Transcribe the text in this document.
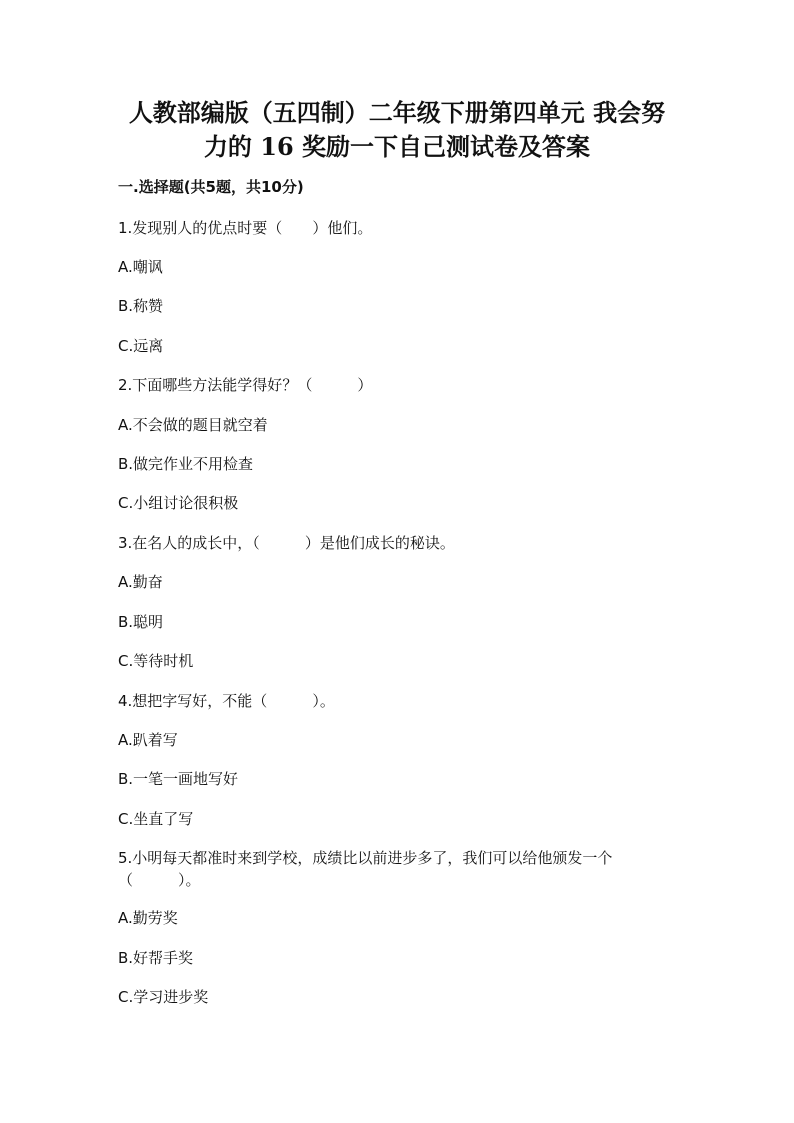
人教部编版（五四制）二年级下册第四单元 我会努
力的 16 奖励一下自己测试卷及答案
一.选择题(共5题，共10分)
1.发现别人的优点时要（　　）他们。
A.嘲讽
B.称赞
C.远离
2.下面哪些方法能学得好？（　　　）
A.不会做的题目就空着
B.做完作业不用检查
C.小组讨论很积极
3.在名人的成长中，（　　　）是他们成长的秘诀。
A.勤奋
B.聪明
C.等待时机
4.想把字写好，不能（　　　）。
A.趴着写
B.一笔一画地写好
C.坐直了写
5.小明每天都准时来到学校，成绩比以前进步多了，我们可以给他颁发一个
（　　　）。
A.勤劳奖
B.好帮手奖
C.学习进步奖
